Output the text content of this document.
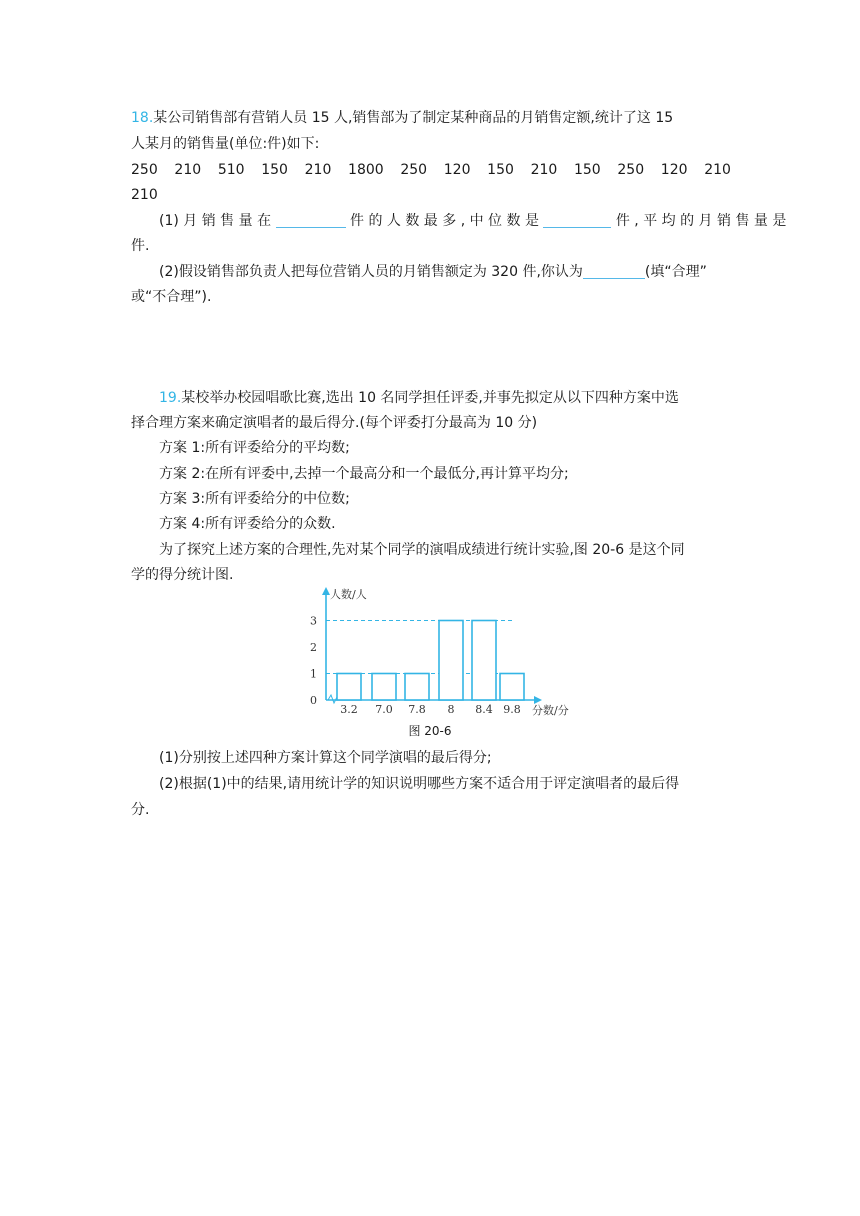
18.某公司销售部有营销人员 15 人,销售部为了制定某种商品的月销售定额,统计了这 15
人某月的销售量(单位:件)如下:
250 210 510 150 210 1800 250 120 150 210 150 250 120 210
210
(1) 月 销 售 量 在	件 的 人 数 最 多 , 中 位 数 是	件 , 平 均 的 月 销 售 量 是
件.
(2)假设销售部负责人把每位营销人员的月销售额定为 320 件,你认为	(填“合理”
或“不合理”).
19.某校举办校园唱歌比赛,选出 10 名同学担任评委,并事先拟定从以下四种方案中选
择合理方案来确定演唱者的最后得分.(每个评委打分最高为 10 分)
方案 1:所有评委给分的平均数;
方案 2:在所有评委中,去掉一个最高分和一个最低分,再计算平均分;
方案 3:所有评委给分的中位数;
方案 4:所有评委给分的众数.
为了探究上述方案的合理性,先对某个同学的演唱成绩进行统计实验,图 20-6 是这个同
学的得分统计图.
0
1
2
3
人数/人
3.2 7.0 7.8 8 8.4 9.8 分数/分
图 20-6
(1)分别按上述四种方案计算这个同学演唱的最后得分;
(2)根据(1)中的结果,请用统计学的知识说明哪些方案不适合用于评定演唱者的最后得
分.
